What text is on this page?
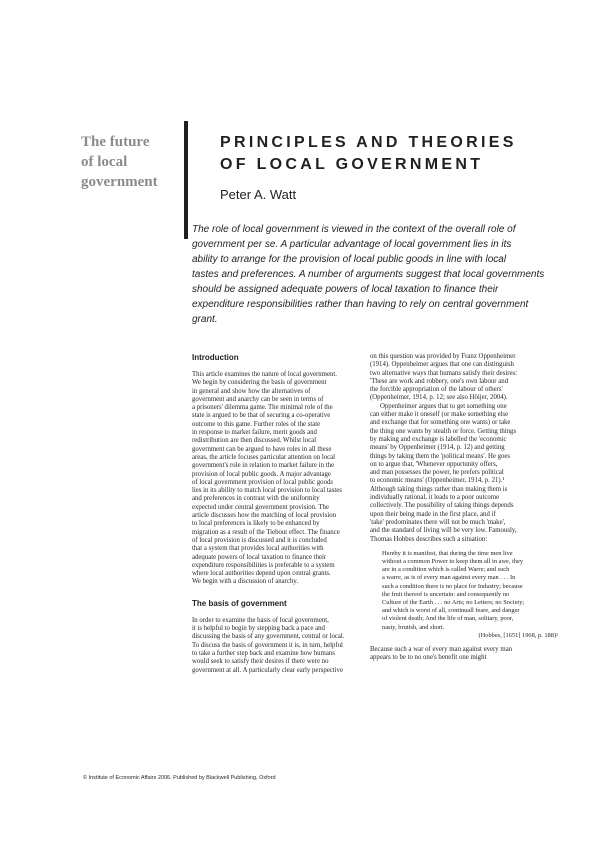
The future
of local
government
PRINCIPLES AND THEORIES
OF LOCAL GOVERNMENT
Peter A. Watt
The role of local government is viewed in the context of the overall role of
government per se. A particular advantage of local government lies in its
ability to arrange for the provision of local public goods in line with local
tastes and preferences. A number of arguments suggest that local governments
should be assigned adequate powers of local taxation to finance their
expenditure responsibilities rather than having to rely on central government
grant.
Introduction
This article examines the nature of local government.
We begin by considering the basis of government
in general and show how the alternatives of
government and anarchy can be seen in terms of
a prisoners' dilemma game. The minimal role of the
state is argued to be that of securing a co-operative
outcome to this game. Further roles of the state
in response to market failure, merit goods and
redistribution are then discussed. Whilst local
government can be argued to have roles in all these
areas, the article focuses particular attention on local
government's role in relation to market failure in the
provision of local public goods. A major advantage
of local government provision of local public goods
lies in its ability to match local provision to local tastes
and preferences in contrast with the uniformity
expected under central government provision. The
article discusses how the matching of local provision
to local preferences is likely to be enhanced by
migration as a result of the Tiebout effect. The finance
of local provision is discussed and it is concluded
that a system that provides local authorities with
adequate powers of local taxation to finance their
expenditure responsibilities is preferable to a system
where local authorities depend upon central grants.
We begin with a discussion of anarchy.
The basis of government
In order to examine the basis of local government,
it is helpful to begin by stepping back a pace and
discussing the basis of any government, central or local.
To discuss the basis of government it is, in turn, helpful
to take a further step back and examine how humans
would seek to satisfy their desires if there were no
government at all. A particularly clear early perspective
on this question was provided by Franz Oppenheimer
(1914). Oppenheimer argues that one can distinguish
two alternative ways that humans satisfy their desires:
'These are work and robbery, one's own labour and
the forcible appropriation of the labour of others'
(Oppenheimer, 1914, p. 12; see also Höijer, 2004).
Oppenheimer argues that to get something one
can either make it oneself (or make something else
and exchange that for something one wants) or take
the thing one wants by stealth or force. Getting things
by making and exchange is labelled the 'economic
means' by Oppenheimer (1914, p. 12) and getting
things by taking them the 'political means'. He goes
on to argue that, 'Whenever opportunity offers,
and man possesses the power, he prefers political
to economic means' (Oppenheimer, 1914, p. 21).¹
Although taking things rather than making them is
individually rational, it leads to a poor outcome
collectively. The possibility of taking things depends
upon their being made in the first place, and if
'take' predominates there will not be much 'make',
and the standard of living will be very low. Famously,
Thomas Hobbes describes such a situation:
Hereby it is manifest, that during the time men live
without a common Power to keep them all in awe, they
are in a condition which is called Warre; and such
a warre, as is of every man against every man . . . In
such a condition there is no place for Industry; because
the fruit thereof is uncertain: and consequently no
Culture of the Earth . . . no Arts; no Letters; no Society;
and which is worst of all, continuall feare, and danger
of violent death; And the life of man, solitary, poor,
nasty, brutish, and short.
(Hobbes, [1651] 1968, p. 188)²
Because such a war of every man against every man
appears to be to no one's benefit one might
© Institute of Economic Affairs 2006. Published by Blackwell Publishing, Oxford
